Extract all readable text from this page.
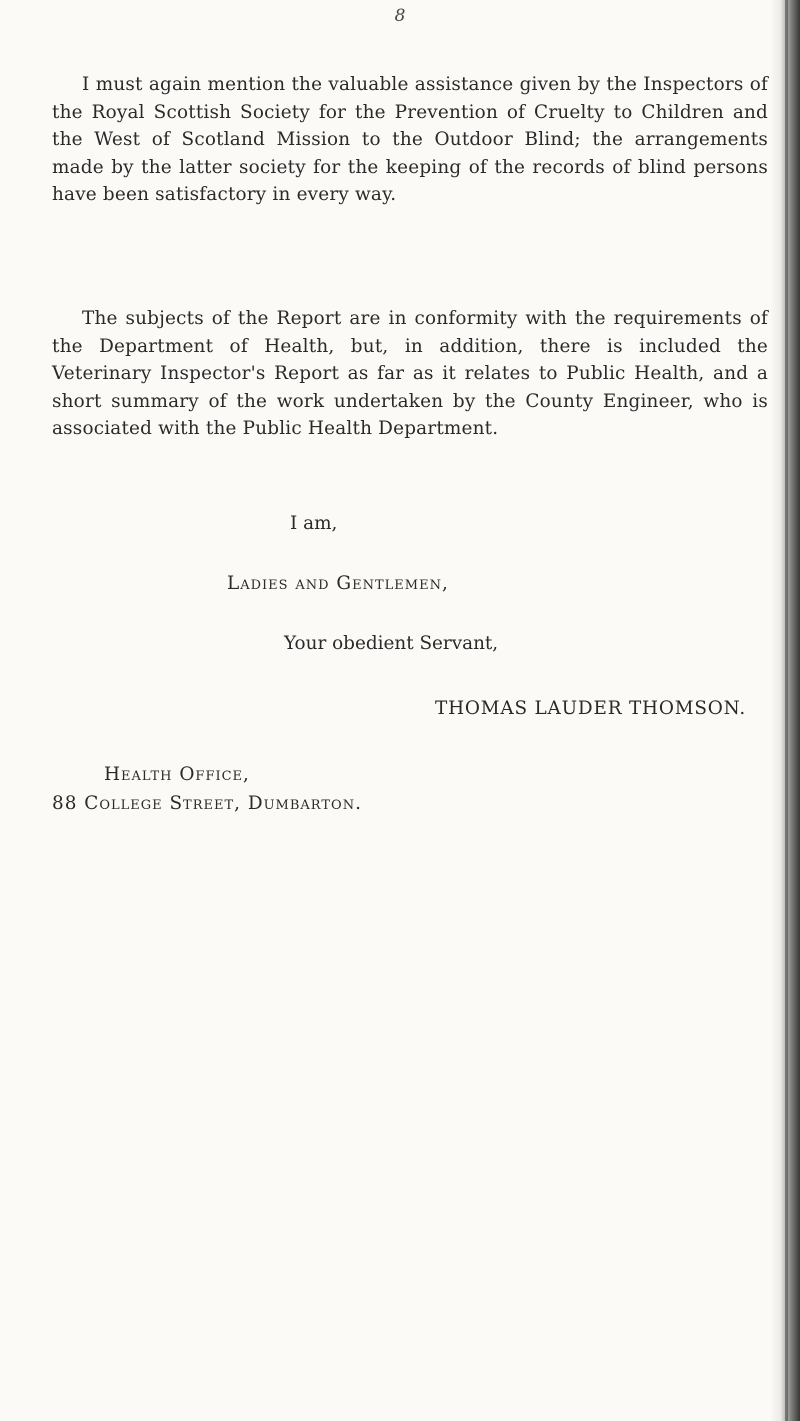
8

I must again mention the valuable assistance given by the Inspectors of the Royal Scottish Society for the Prevention of Cruelty to Children and the West of Scotland Mission to the Outdoor Blind; the arrangements made by the latter society for the keeping of the records of blind persons have been satisfactory in every way.

The subjects of the Report are in conformity with the requirements of the Department of Health, but, in addition, there is included the Veterinary Inspector's Report as far as it relates to Public Health, and a short summary of the work undertaken by the County Engineer, who is associated with the Public Health Department.

I am,

Ladies and Gentlemen,

Your obedient Servant,

THOMAS LAUDER THOMSON.

Health Office,

88 College Street, Dumbarton.
